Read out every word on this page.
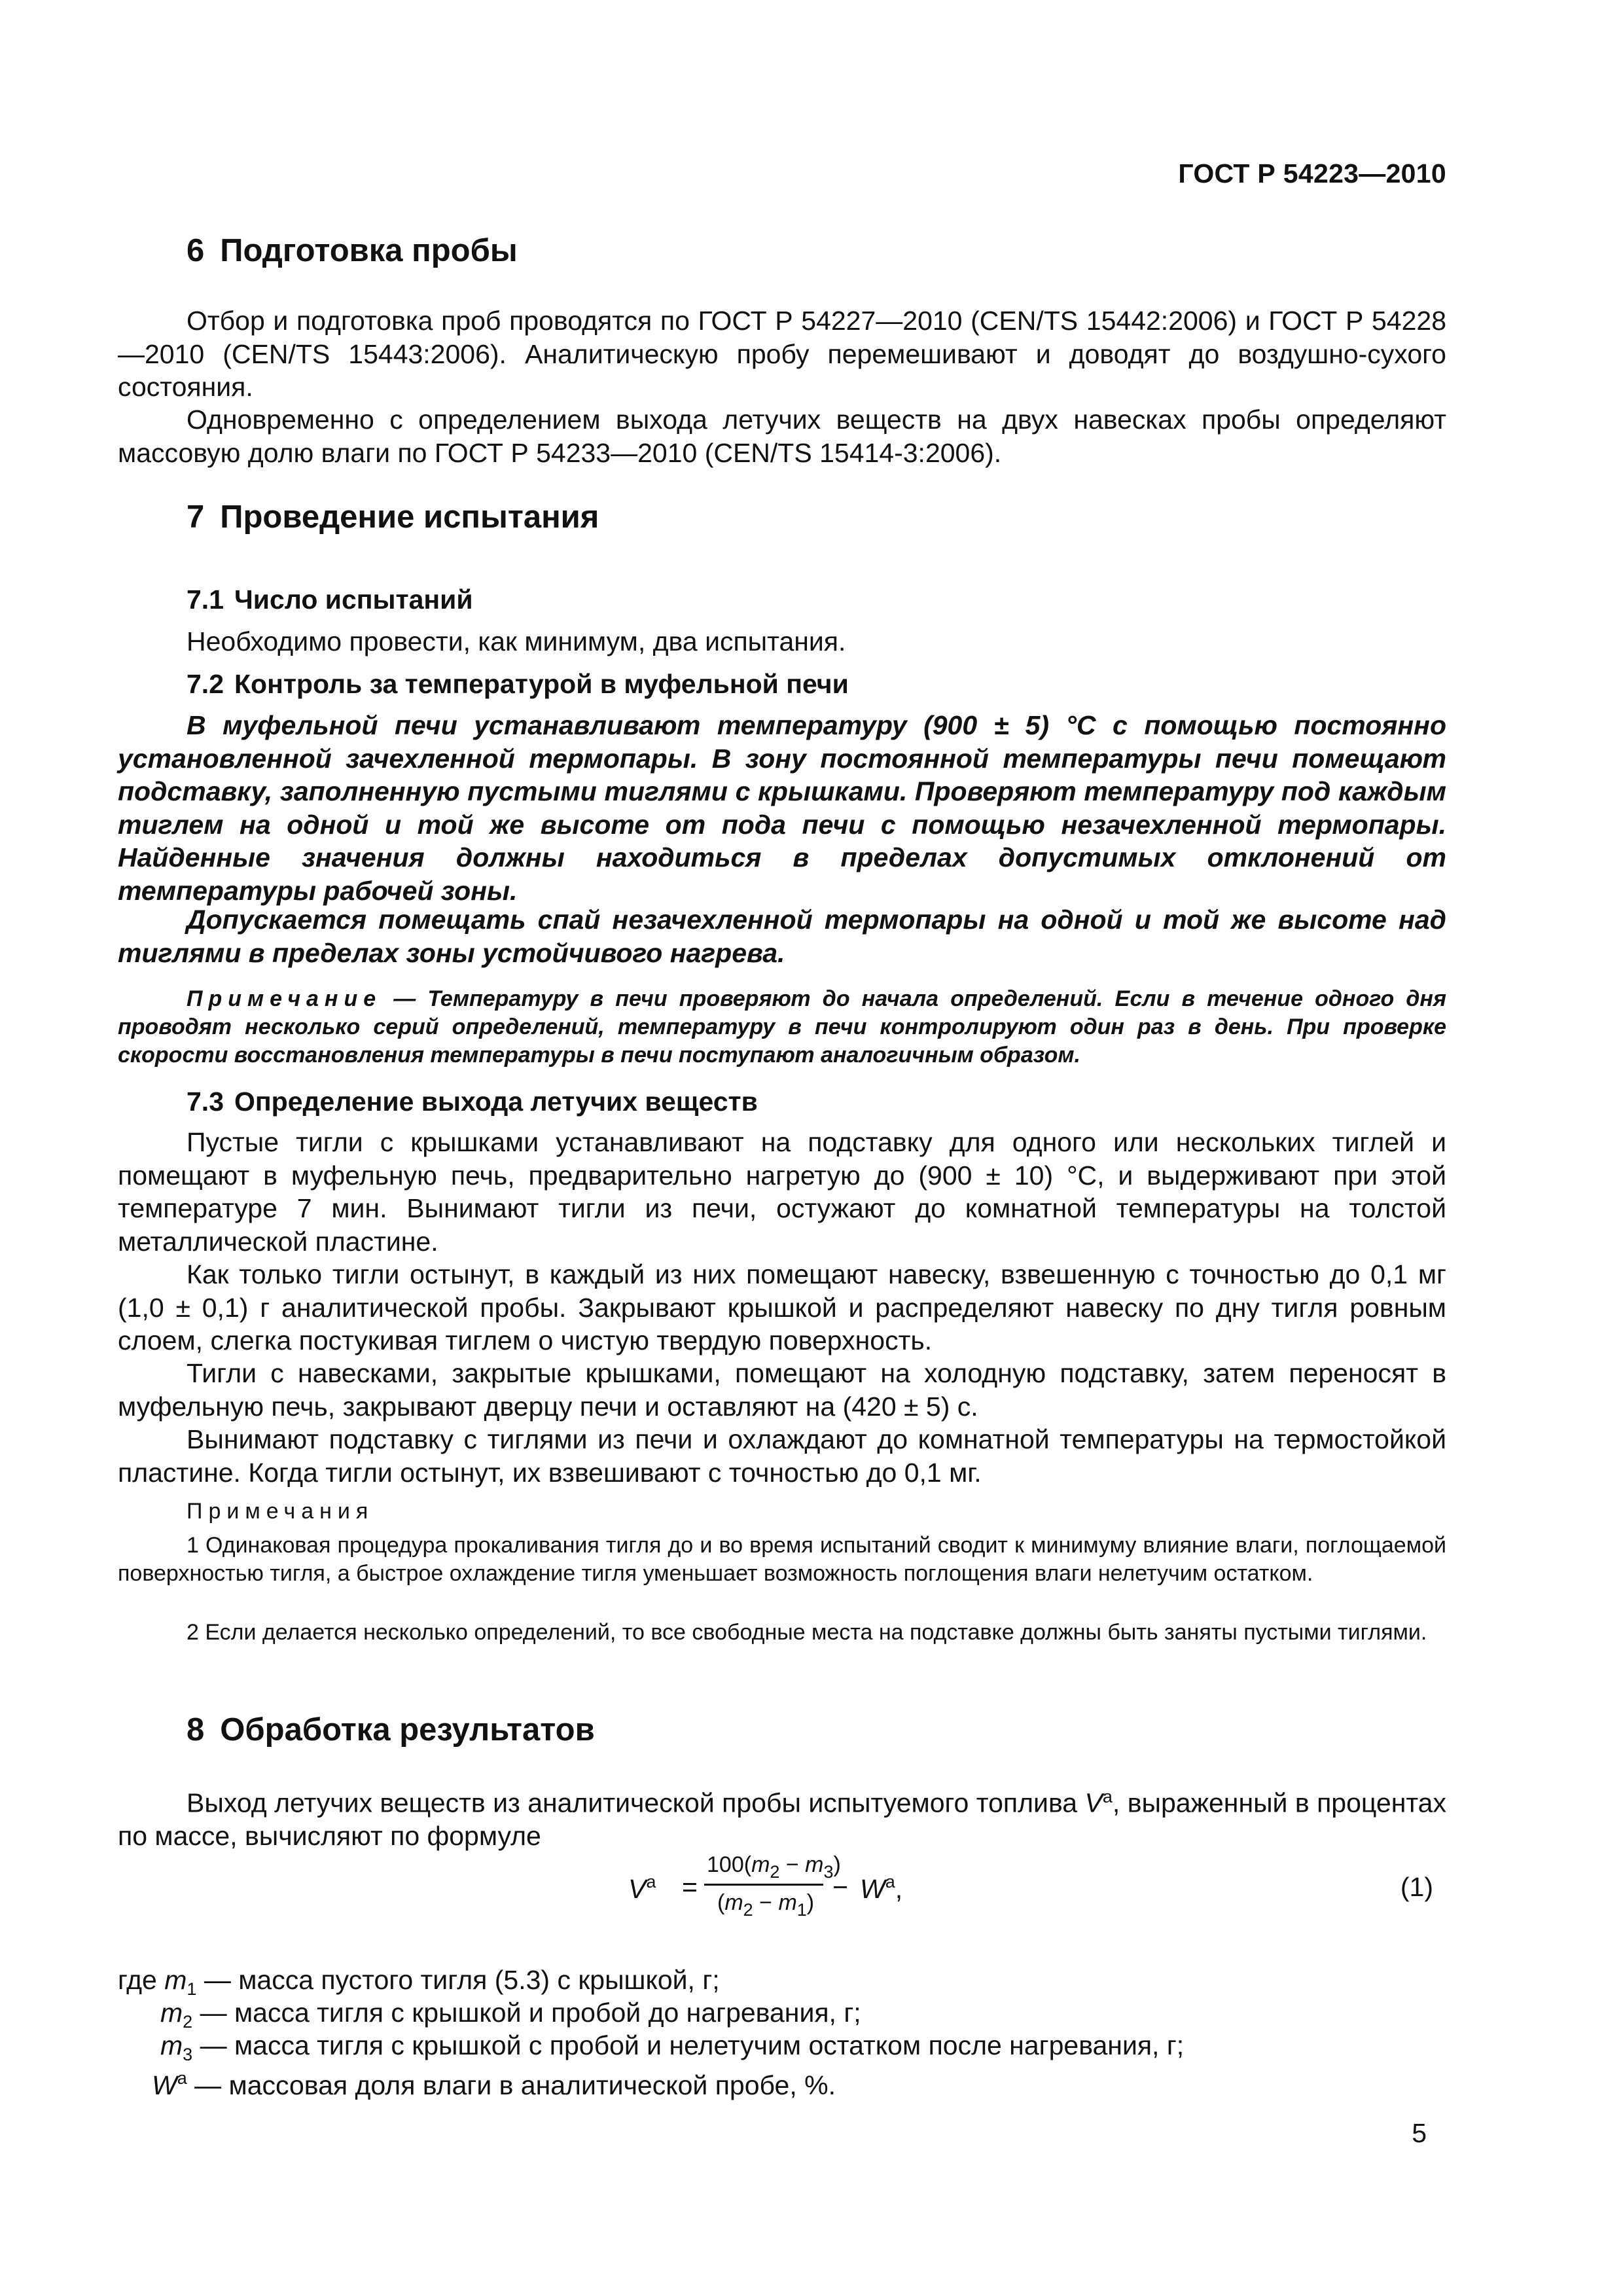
ГОСТ Р 54223—2010
6 Подготовка пробы

Отбор и подготовка проб проводятся по ГОСТ Р 54227—2010 (CEN/TS 15442:2006) и ГОСТ Р 54228—2010 (CEN/TS 15443:2006). Аналитическую пробу перемешивают и доводят до воздушно-сухого состояния.

Одновременно с определением выхода летучих веществ на двух навесках пробы определяют массовую долю влаги по ГОСТ Р 54233—2010 (CEN/TS 15414-3:2006).

7 Проведение испытания
7.1 Число испытаний
Необходимо провести, как минимум, два испытания.
7.2 Контроль за температурой в муфельной печи

В муфельной печи устанавливают температуру (900 ± 5) °С с помощью постоянно установленной зачехленной термопары. В зону постоянной температуры печи помещают подставку, заполненную пустыми тиглями с крышками. Проверяют температуру под каждым тиглем на одной и той же высоте от пода печи с помощью незачехленной термопары. Найденные значения должны находиться в пределах допустимых отклонений от температуры рабочей зоны.

Допускается помещать спай незачехленной термопары на одной и той же высоте над тиглями в пределах зоны устойчивого нагрева.

Примечание — Температуру в печи проверяют до начала определений. Если в течение одного дня проводят несколько серий определений, температуру в печи контролируют один раз в день. При проверке скорости восстановления температуры в печи поступают аналогичным образом.

7.3 Определение выхода летучих веществ

Пустые тигли с крышками устанавливают на подставку для одного или нескольких тиглей и помещают в муфельную печь, предварительно нагретую до (900 ± 10) °С, и выдерживают при этой температуре 7 мин. Вынимают тигли из печи, остужают до комнатной температуры на толстой металлической пластине.

Как только тигли остынут, в каждый из них помещают навеску, взвешенную с точностью до 0,1 мг (1,0 ± 0,1) г аналитической пробы. Закрывают крышкой и распределяют навеску по дну тигля ровным слоем, слегка постукивая тиглем о чистую твердую поверхность.

Тигли с навесками, закрытые крышками, помещают на холодную подставку, затем переносят в муфельную печь, закрывают дверцу печи и оставляют на (420 ± 5) с.

Вынимают подставку с тиглями из печи и охлаждают до комнатной температуры на термостойкой пластине. Когда тигли остынут, их взвешивают с точностью до 0,1 мг.

Примечания

1 Одинаковая процедура прокаливания тигля до и во время испытаний сводит к минимуму влияние влаги, поглощаемой поверхностью тигля, а быстрое охлаждение тигля уменьшает возможность поглощения влаги нелетучим остатком.

2 Если делается несколько определений, то все свободные места на подставке должны быть заняты пустыми тиглями.

8 Обработка результатов

Выход летучих веществ из аналитической пробы испытуемого топлива $V^a$, выраженный в процентах по массе, вычисляют по формуле

$V^a$ =
$100(m_2 - m_3)$
$(m_2 - m_1)$
− $W^a$,	(1)
где $m_1$ — масса пустого тигля (5.3) с крышкой, г;
$m_2$ — масса тигля с крышкой и пробой до нагревания, г;
$m_3$ — масса тигля с крышкой с пробой и нелетучим остатком после нагревания, г;
$W^a$ — массовая доля влаги в аналитической пробе, %.
5
